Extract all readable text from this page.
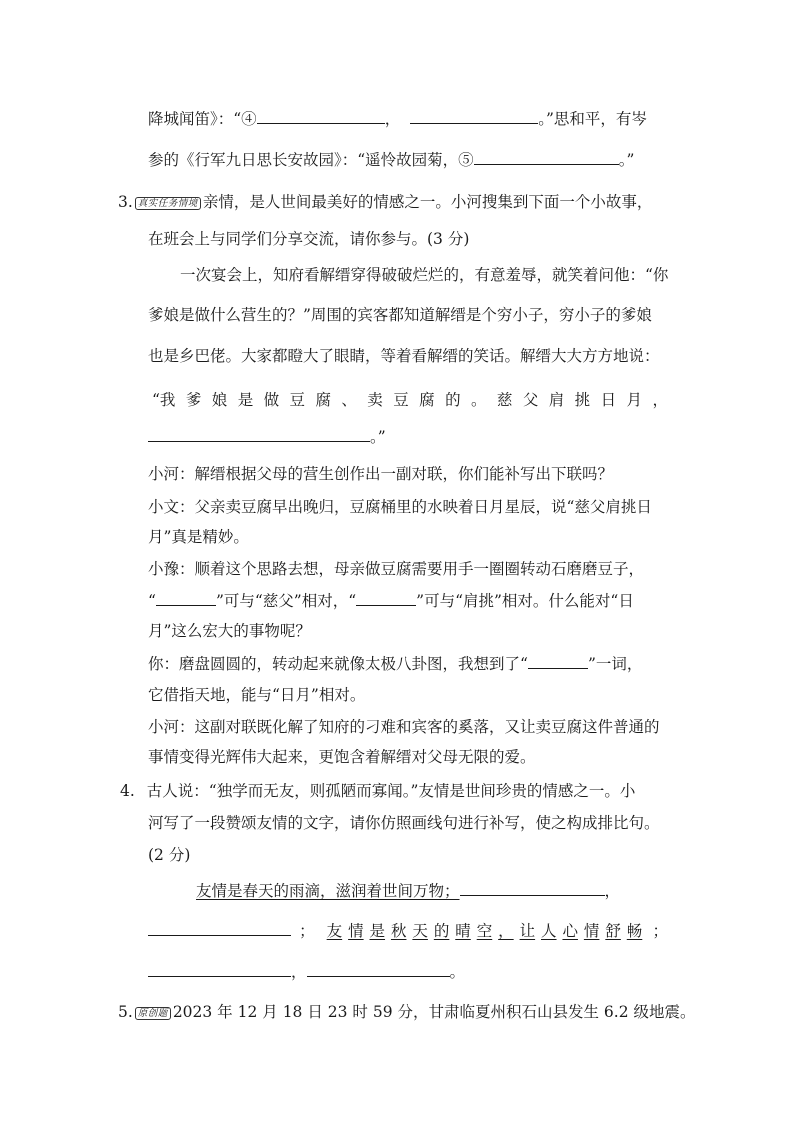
降城闻笛》：“④	，	。”思和平，有岑
参的《行军九日思长安故园》：“遥怜故园菊，⑤	。”
3. 真实任务情境 亲情，是人世间最美好的情感之一。小河搜集到下面一个小故事，
在班会上与同学们分享交流，请你参与。(3 分)
一次宴会上，知府看解缙穿得破破烂烂的，有意羞辱，就笑着问他：“你
爹娘是做什么营生的？”周围的宾客都知道解缙是个穷小子，穷小子的爹娘
也是乡巴佬。大家都瞪大了眼睛，等着看解缙的笑话。解缙大大方方地说：
“我 爹 娘 是 做 豆 腐 、 卖 豆 腐 的 。 慈 父 肩 挑 日 月 ，
。”
小河：解缙根据父母的营生创作出一副对联，你们能补写出下联吗？
小文：父亲卖豆腐早出晚归，豆腐桶里的水映着日月星辰，说“慈父肩挑日
月”真是精妙。
小豫：顺着这个思路去想，母亲做豆腐需要用手一圈圈转动石磨磨豆子，
“	”可与“慈父”相对，“	”可与“肩挑”相对。什么能对“日
月”这么宏大的事物呢？
你：磨盘圆圆的，转动起来就像太极八卦图，我想到了“	”一词，
它借指天地，能与“日月”相对。
小河：这副对联既化解了知府的刁难和宾客的奚落，又让卖豆腐这件普通的
事情变得光辉伟大起来，更饱含着解缙对父母无限的爱。
4. 古人说：“独学而无友，则孤陋而寡闻。”友情是世间珍贵的情感之一。小
河写了一段赞颂友情的文字，请你仿照画线句进行补写，使之构成排比句。
(2 分)
友情是春天的雨滴，滋润着世间万物；	，
； 友 情 是 秋 天 的 晴 空 ， 让 人 心 情 舒 畅 ；
，	。
5. 原创题 2023 年 12 月 18 日 23 时 59 分，甘肃临夏州积石山县发生 6.2 级地震。
